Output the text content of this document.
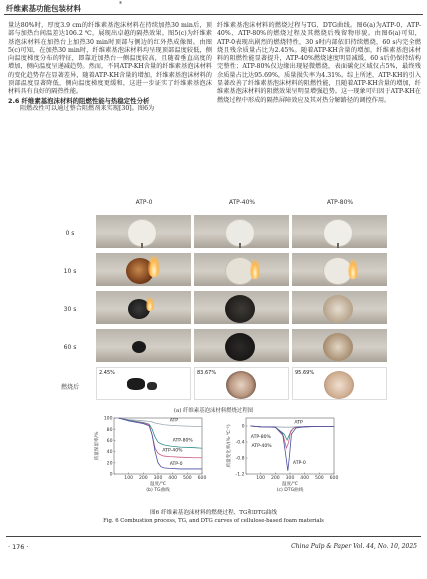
纤维素基功能包装材料	*

量达80%时，厚度3.9 cm的纤维素基泡沫材料在持续加热30 min后，顶部与加热台间温差达106.2 ℃，展现出卓越的隔热效果。图5(c)为纤维素基泡沫材料在加热台上加热30 min时顶部与侧边的红外热成像图。由图5(c)可知，在加热30 min时，纤维素基泡沫材料均呈现顶部温度较低，侧向温度梯度分布的特征，即靠近加热台一侧温度较高，且随着垂直高度的增加，侧向温度呈递减趋势。然而，不同ATP-KH含量的纤维素基泡沫材料的变化趋势存在显著差异，随着ATP-KH含量的增加，纤维素基泡沫材料的顶部温度显著降低，侧向温度梯度更缓和，这进一步证实了纤维素基泡沫材料具有良好的隔热性能。

2.6 纤维素基泡沫材料的阻燃性能与热稳定性分析

阻燃改性可以通过整合阻燃剂来实现[30]。图6为

纤维素基泡沫材料的燃烧过程与TG、DTG曲线。图6(a)为ATP-0、ATP-40%、ATP-80%的燃烧过程及其燃烧后残留物形貌。由图6(a)可知，ATP-0表现出剧烈的燃烧特性，30 s时内部依旧持续燃烧，60 s内完全燃烧且残余质量占比为2.45%。随着ATP-KH含量的增加，纤维素基泡沫材料的阻燃性能显著提升，ATP-40%燃烧速度明显减缓，60 s后仍保持结构完整性；ATP-80%仅边缘出现轻微燃烧，表面碳化区域仅占5%，最终残余质量占比达95.69%，质量损失率为4.31%。综上所述，ATP-KH的引入显著改善了纤维素基泡沫材料的阻燃性能，且随着ATP-KH含量的增加，纤维素基泡沫材料的阻燃效果呈明显增强趋势。这一现象可归因于ATP-KH在燃烧过程中形成的隔热屏障效应及其对热分解路径的调控作用。

ATP-0	ATP-40%	ATP-80%
0 s
10 s
30 s
60 s
燃烧后
2.45%	83.67%	95.69%
(a) 纤维素基泡沫材料燃烧过程图
100 200 300 400 500 600
0
20
40
60
80
100
温度/℃
质量保留率/%
(b) TG曲线
ATP
ATP-80%
ATP-40%
ATP-0
100 200 300 400 500 600
0
-0.4
-0.8
-1.2
温度/℃
质量变化率/(%·℃⁻¹)
(c) DTG曲线
ATP
ATP-80%
ATP-40%
ATP-0
图6 纤维素基泡沫材料的燃烧过程、TG和DTG曲线
Fig. 6 Combustion process, TG, and DTG curves of cellulose-based foam materials
· 176 ·	China Pulp & Paper Vol. 44, No. 10, 2025
